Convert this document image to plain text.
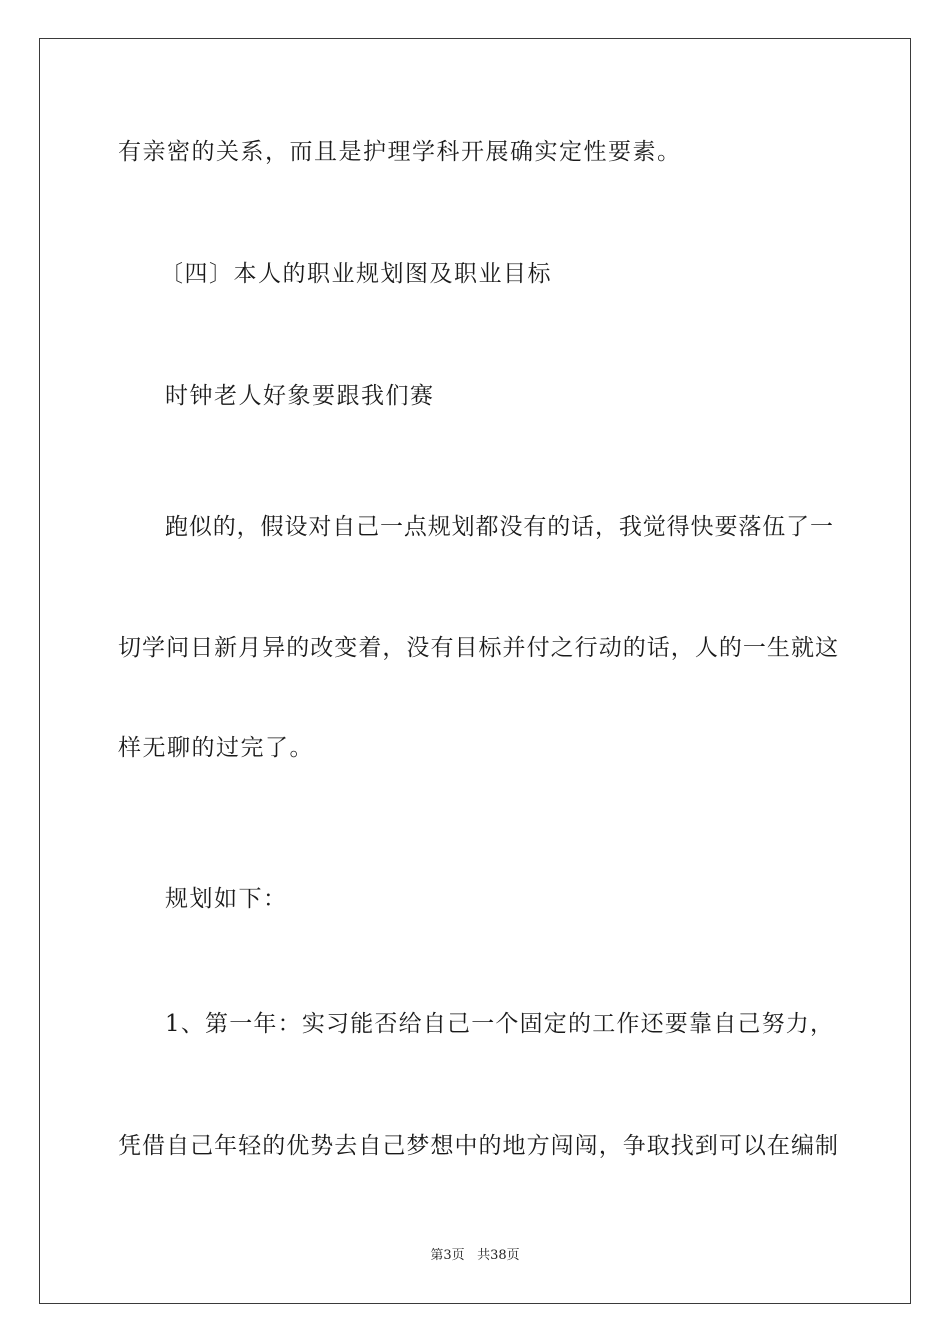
有亲密的关系，而且是护理学科开展确实定性要素。
〔四〕本人的职业规划图及职业目标
时钟老人好象要跟我们赛
跑似的，假设对自己一点规划都没有的话，我觉得快要落伍了一
切学问日新月异的改变着，没有目标并付之行动的话，人的一生就这
样无聊的过完了。
规划如下：
1、第一年：实习能否给自己一个固定的工作还要靠自己努力，
凭借自己年轻的优势去自己梦想中的地方闯闯，争取找到可以在编制
第3页 共38页
